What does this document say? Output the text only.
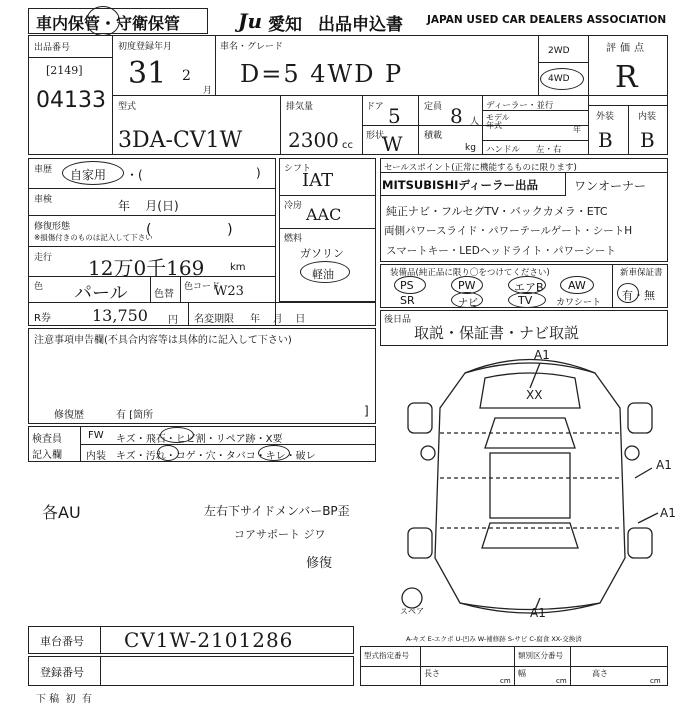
車内保管・守衛保管	Ju 愛知 出品申込書 JAPAN USED CAR DEALERS ASSOCIATION
出品番号
[2149]
04133
初度登録年月
31 2
月
車名・グレード
D=5 4WD P
2WD
4WD
評価点
R
型式
3DA-CV1W
排気量
2300 cc
ドア 5	定員 8 人
形状
W 積載
kg
ディーラー・並行
モデル年式	年
ハンドル 左・右
外装	内装
B B
車歴 自家用 ・(	)
車検	年    月(日)
修復形態
※損傷付きのものは記入して下さい
(                 )
走行 12万0千169	km
色 パール	色替
色コード
W23
R券	13,750 円 名変期限 年    月    日
シフト
IAT
冷房 AAC
燃料
ガソリン
軽油
セールスポイント(正常に機能するものに限ります)
MITSUBISHIディーラー出品	ワンオーナー
純正ナビ・フルセグTV・バックカメラ・ETC
両側パワースライド・パワーテールゲート・シートH
スマートキー・LEDヘッドライト・パワーシート
装備品(純正品に限り〇をつけてください)
PS	PW	エアB AW
SR	ナビ	TV	カワシート
新車保証書
有・無
後日品
取説・保証書・ナビ取説
注意事項申告欄(不具合内容等は具体的に記入して下さい)
修復歴	有 [箇所	]
検査員
記入欄
FW キズ・飛石・ヒビ割・リペア跡・X要
内装 キズ・汚れ・コゲ・穴・タバコ・キレ・破レ
各AU	左右下サイドメンバーBP歪
コアサポート ジワ
修復
A1
XX
A1
A1
A1
スペア
A-キズ E-エクボ U-凹み W-補修跡 S-サビ C-腐食 XX-交換済
車台番号 CV1W-2101286
登録番号
型式指定番号	類別区分番号
長さ
cm
幅
cm
高さ
cm
下 稿  初  有
